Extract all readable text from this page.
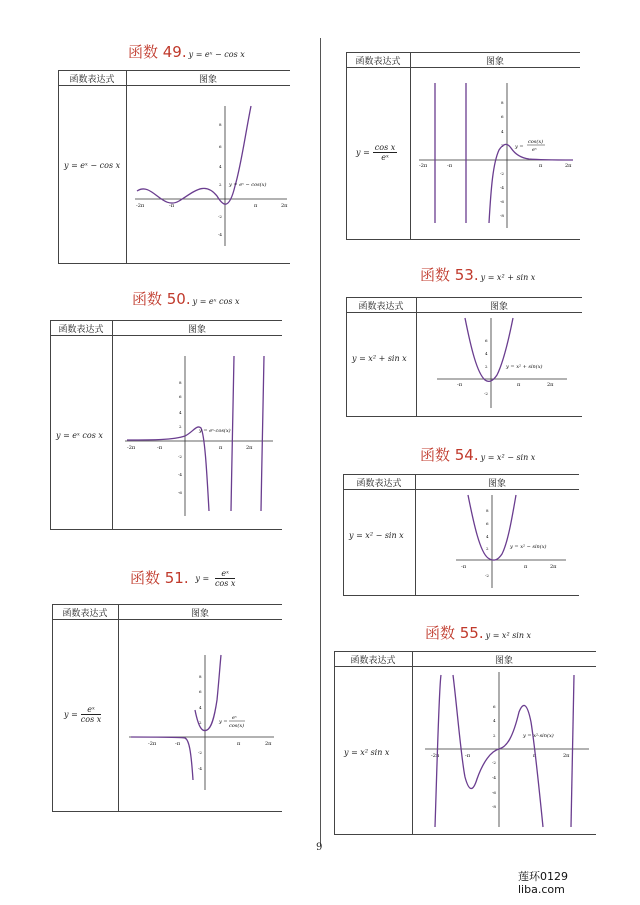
函数 49. y = eˣ − cos x
函数表达式	图象
y = eˣ − cos x
-2π	-π	π	2π
8
6
4
2
-2
-4
y = eˣ − cos(x)
函数 50. y = eˣ cos x
函数表达式	图象
y = eˣ cos x
-2π	-π	π	2π
8
6
4
2
-2
-4
-6
y = eˣ·cos(x)
函数 51. $y = \frac{\text{eˣ}}{\text{cos x}}$
函数表达式	图象
$y = \frac{\text{eˣ}}{\text{cos x}}$
-2π	-π	π	2π
8
6
4
2
-2
-4
y =
eˣ
cos(x)
函数表达式	图象
$y = \frac{\text{cos x}}{\text{eˣ}}$
-2π	-π	π	2π
8
6
4
2
-2
-4
-6
-8
y =
cos(x)
eˣ
函数 53. y = x² + sin x
函数表达式	图象
y = x² + sin x
-π	π	2π
6
4
2
-2
y = x² + sin(x)
函数 54. y = x² − sin x
函数表达式	图象
y = x² − sin x
-π	π	2π
8
6
4
2
-2
y = x² − sin(x)
函数 55. y = x² sin x
函数表达式	图象
y = x² sin x	-2π	-π	π	2π
6
4
2
-2
-4
-6
-8
y = x²·sin(x)
9
莲环0129
liba.com
